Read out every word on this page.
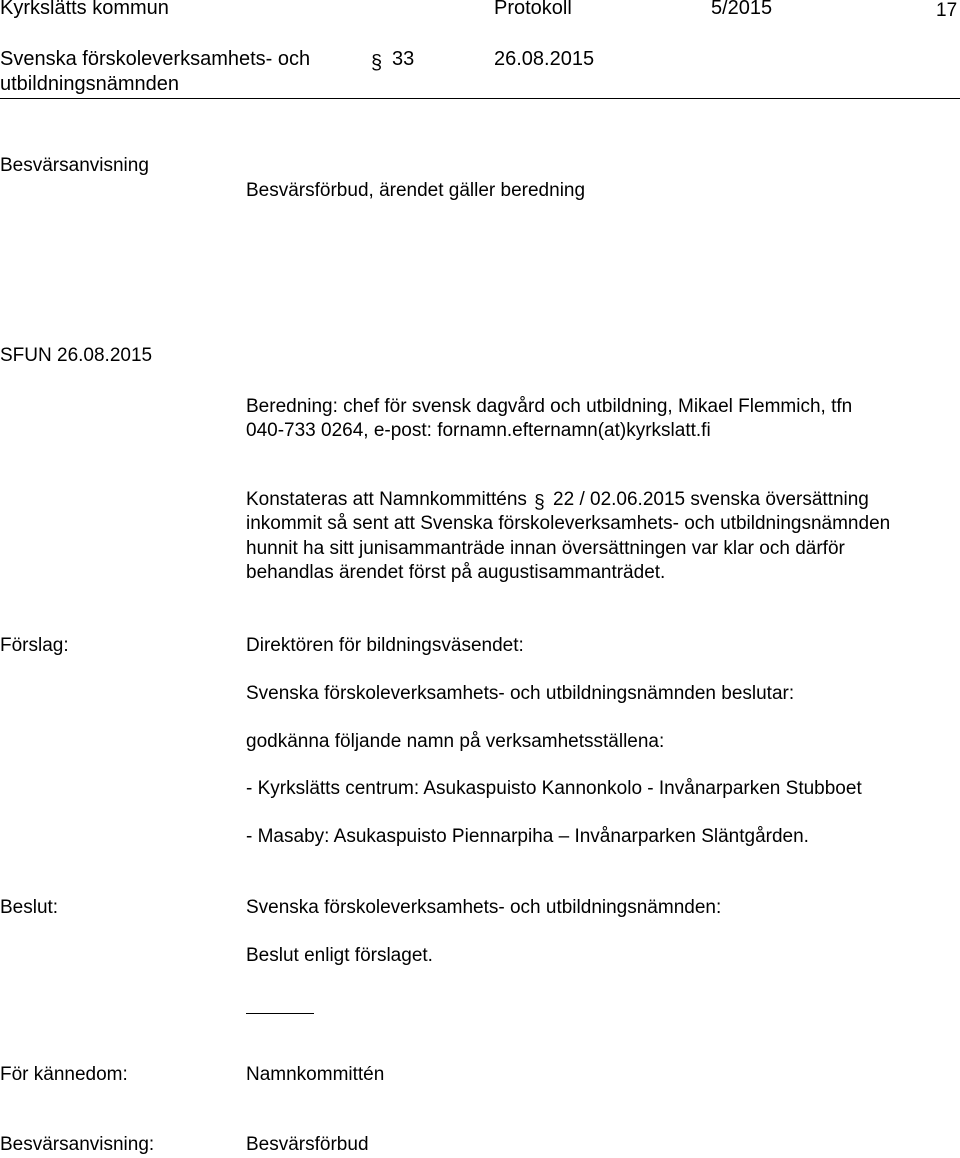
Kyrkslätts kommun	Protokoll	5/2015	17
Svenska förskoleverksamhets- och
utbildningsnämnden
§ 33	26.08.2015
Besvärsanvisning
Besvärsförbud, ärendet gäller beredning
SFUN 26.08.2015
Beredning: chef för svensk dagvård och utbildning, Mikael Flemmich, tfn
040-733 0264, e-post: fornamn.efternamn(at)kyrkslatt.fi
Konstateras att Namnkommitténs § 22 / 02.06.2015 svenska översättning
inkommit så sent att Svenska förskoleverksamhets- och utbildningsnämnden
hunnit ha sitt junisammanträde innan översättningen var klar och därför
behandlas ärendet först på augustisammanträdet.
Förslag:	Direktören för bildningsväsendet:
Svenska förskoleverksamhets- och utbildningsnämnden beslutar:
godkänna följande namn på verksamhetsställena:
- Kyrkslätts centrum: Asukaspuisto Kannonkolo - Invånarparken Stubboet
- Masaby: Asukaspuisto Piennarpiha – Invånarparken Släntgården.
Beslut:	Svenska förskoleverksamhets- och utbildningsnämnden:
Beslut enligt förslaget.
För kännedom:	Namnkommittén
Besvärsanvisning:	Besvärsförbud
